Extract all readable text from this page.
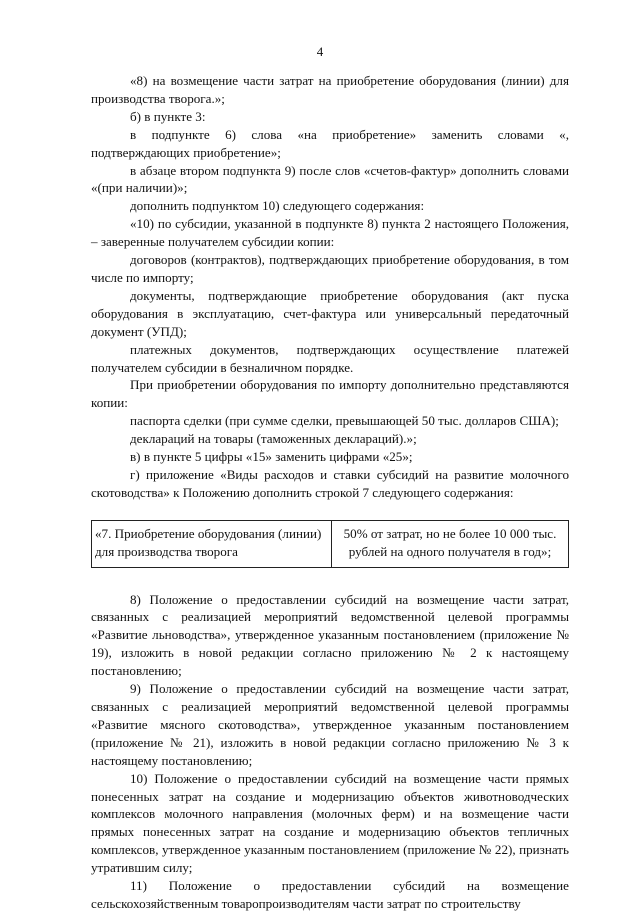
4
«8) на возмещение части затрат на приобретение оборудования (линии) для производства творога.»;
б) в пункте 3:
в подпункте 6) слова «на приобретение» заменить словами «, подтверждающих приобретение»;
в абзаце втором подпункта 9) после слов «счетов-фактур» дополнить словами «(при наличии)»;
дополнить подпунктом 10) следующего содержания:
«10) по субсидии, указанной в подпункте 8) пункта 2 настоящего Положения, – заверенные получателем субсидии копии:
договоров (контрактов), подтверждающих приобретение оборудования, в том числе по импорту;
документы, подтверждающие приобретение оборудования (акт пуска оборудования в эксплуатацию, счет-фактура или универсальный передаточный документ (УПД);
платежных документов, подтверждающих осуществление платежей получателем субсидии в безналичном порядке.
При приобретении оборудования по импорту дополнительно представляются копии:
паспорта сделки (при сумме сделки, превышающей 50 тыс. долларов США);
деклараций на товары (таможенных деклараций).»;
в) в пункте 5 цифры «15» заменить цифрами «25»;
г) приложение «Виды расходов и ставки субсидий на развитие молочного скотоводства» к Положению дополнить строкой 7 следующего содержания:
«7. Приобретение оборудования (линии) для производства творога	50% от затрат, но не более 10 000 тыс. рублей на одного получателя в год»;
8) Положение о предоставлении субсидий на возмещение части затрат, связанных с реализацией мероприятий ведомственной целевой программы «Развитие льноводства», утвержденное указанным постановлением (приложение № 19), изложить в новой редакции согласно приложению № 2 к настоящему постановлению;
9) Положение о предоставлении субсидий на возмещение части затрат, связанных с реализацией мероприятий ведомственной целевой программы «Развитие мясного скотоводства», утвержденное указанным постановлением (приложение № 21), изложить в новой редакции согласно приложению № 3 к настоящему постановлению;
10) Положение о предоставлении субсидий на возмещение части прямых понесенных затрат на создание и модернизацию объектов животноводческих комплексов молочного направления (молочных ферм) и на возмещение части прямых понесенных затрат на создание и модернизацию объектов тепличных комплексов, утвержденное указанным постановлением (приложение № 22), признать утратившим силу;
11) Положение о предоставлении субсидий на возмещение сельскохозяйственным товаропроизводителям части затрат по строительству
